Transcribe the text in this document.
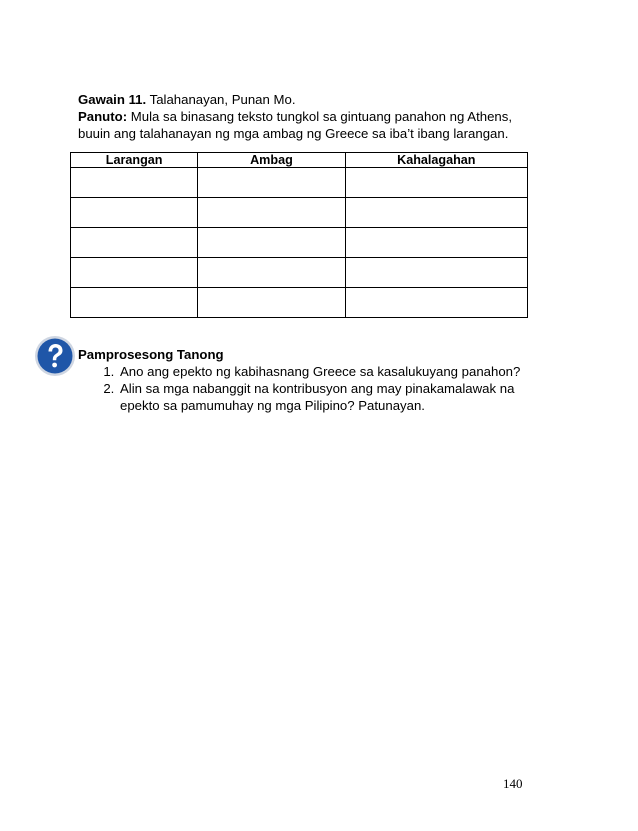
Gawain 11. Talahanayan, Punan Mo.
Panuto: Mula sa binasang teksto tungkol sa gintuang panahon ng Athens,
buuin ang talahanayan ng mga ambag ng Greece sa iba’t ibang larangan.
Larangan	Ambag	Kahalagahan

Pamprosesong Tanong
1. Ano ang epekto ng kabihasnang Greece sa kasalukuyang panahon?
2. Alin sa mga nabanggit na kontribusyon ang may pinakamalawak na epekto sa pamumuhay ng mga Pilipino? Patunayan.
140
